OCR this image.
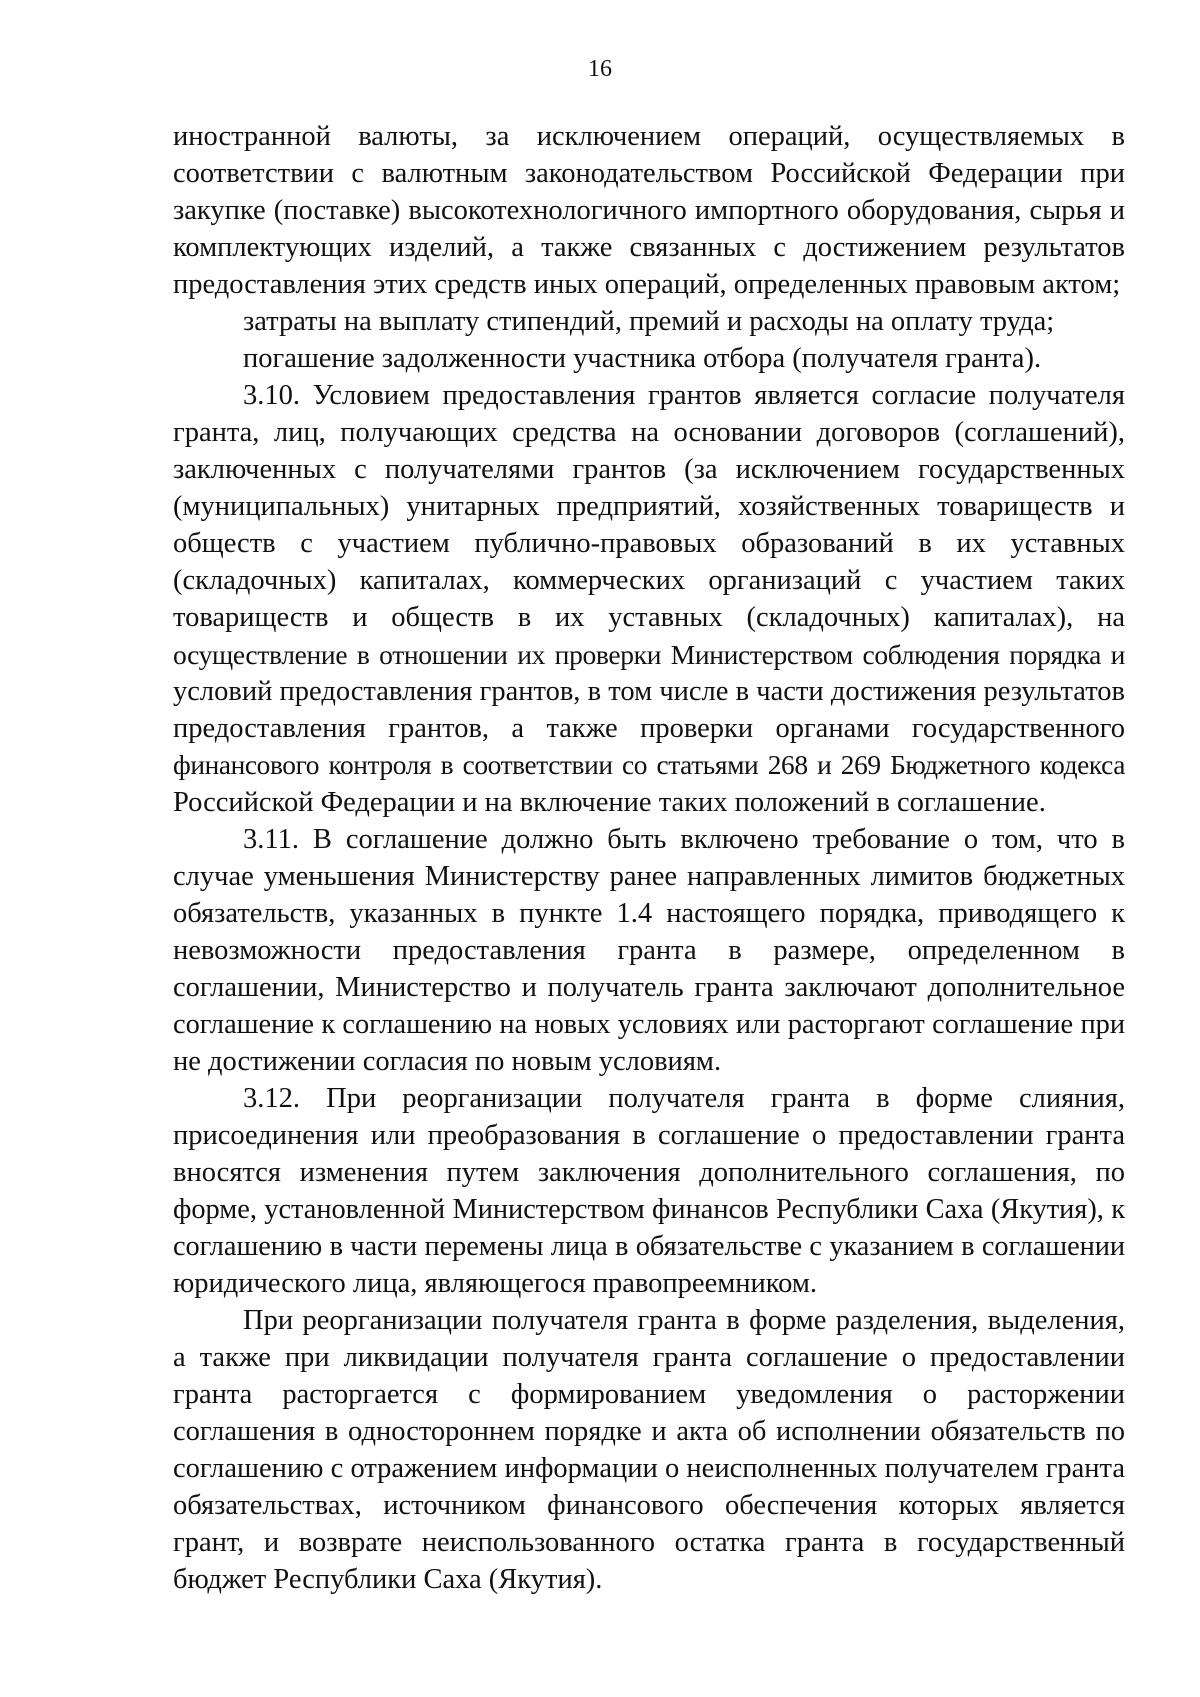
16
иностранной валюты, за исключением операций, осуществляемых в
соответствии с валютным законодательством Российской Федерации при
закупке (поставке) высокотехнологичного импортного оборудования, сырья и
комплектующих изделий, а также связанных с достижением результатов
предоставления этих средств иных операций, определенных правовым актом;
затраты на выплату стипендий, премий и расходы на оплату труда;
погашение задолженности участника отбора (получателя гранта).
3.10. Условием предоставления грантов является согласие получателя
гранта, лиц, получающих средства на основании договоров (соглашений),
заключенных с получателями грантов (за исключением государственных
(муниципальных) унитарных предприятий, хозяйственных товариществ и
обществ с участием публично-правовых образований в их уставных
(складочных) капиталах, коммерческих организаций с участием таких
товариществ и обществ в их уставных (складочных) капиталах), на
осуществление в отношении их проверки Министерством соблюдения порядка и
условий предоставления грантов, в том числе в части достижения результатов
предоставления грантов, а также проверки органами государственного
финансового контроля в соответствии со статьями 268 и 269 Бюджетного кодекса
Российской Федерации и на включение таких положений в соглашение.
3.11. В соглашение должно быть включено требование о том, что в
случае уменьшения Министерству ранее направленных лимитов бюджетных
обязательств, указанных в пункте 1.4 настоящего порядка, приводящего к
невозможности предоставления гранта в размере, определенном в
соглашении, Министерство и получатель гранта заключают дополнительное
соглашение к соглашению на новых условиях или расторгают соглашение при
не достижении согласия по новым условиям.
3.12. При реорганизации получателя гранта в форме слияния,
присоединения или преобразования в соглашение о предоставлении гранта
вносятся изменения путем заключения дополнительного соглашения, по
форме, установленной Министерством финансов Республики Саха (Якутия), к
соглашению в части перемены лица в обязательстве с указанием в соглашении
юридического лица, являющегося правопреемником.
При реорганизации получателя гранта в форме разделения, выделения,
а также при ликвидации получателя гранта соглашение о предоставлении
гранта расторгается с формированием уведомления о расторжении
соглашения в одностороннем порядке и акта об исполнении обязательств по
соглашению с отражением информации о неисполненных получателем гранта
обязательствах, источником финансового обеспечения которых является
грант, и возврате неиспользованного остатка гранта в государственный
бюджет Республики Саха (Якутия).
